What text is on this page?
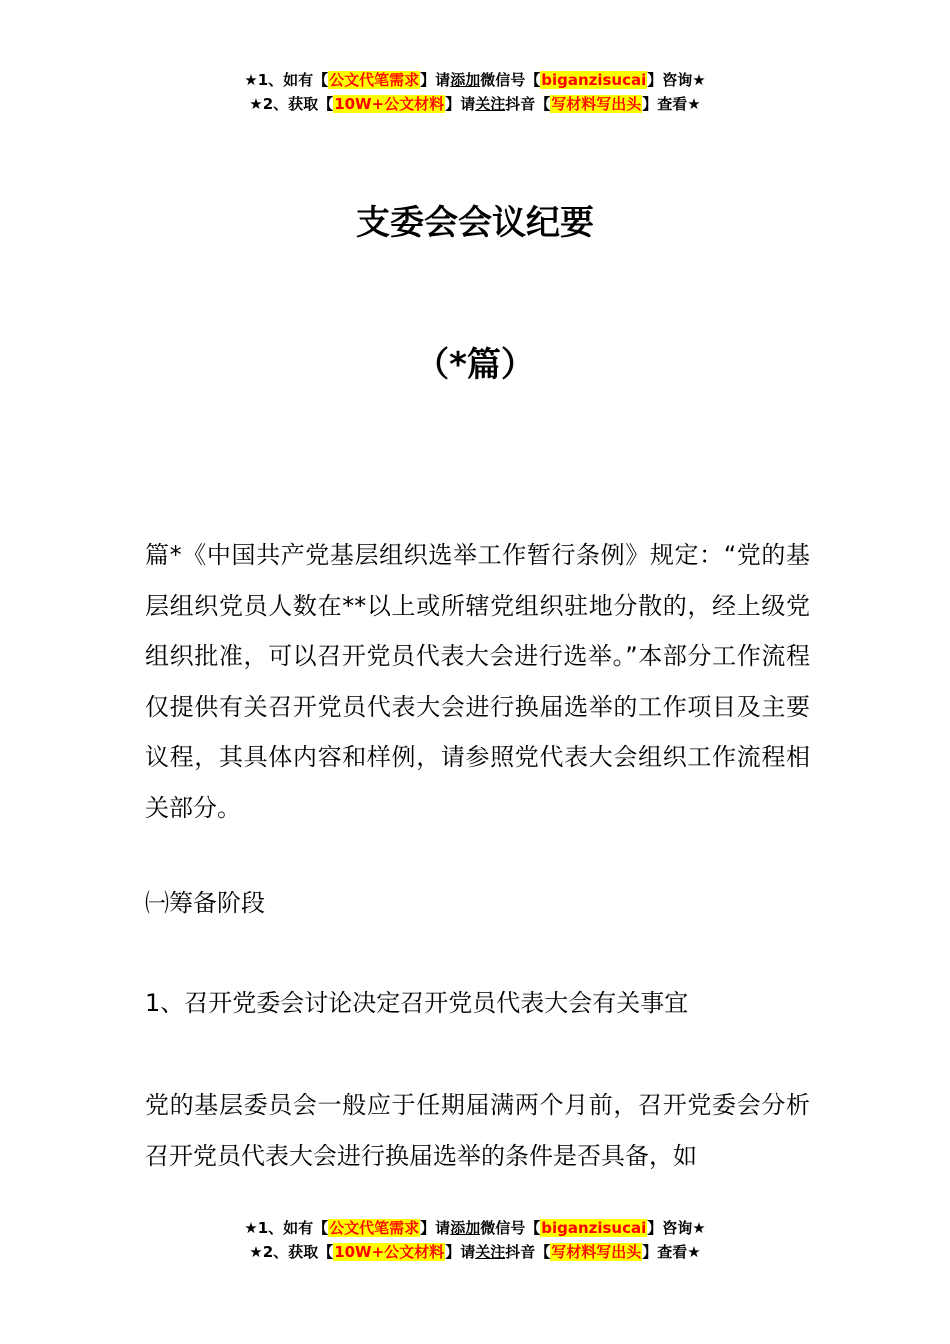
★1、如有【公文代笔需求】请添加微信号【biganzisucai】咨询★
★2、获取【10W+公文材料】请关注抖音【写材料写出头】查看★
支委会会议纪要
（*篇）

篇*《中国共产党基层组织选举工作暂行条例》规定：“党的基层组织党员人数在**以上或所辖党组织驻地分散的，经上级党组织批准，可以召开党员代表大会进行选举。”本部分工作流程仅提供有关召开党员代表大会进行换届选举的工作项目及主要议程，其具体内容和样例，请参照党代表大会组织工作流程相关部分。

㈠筹备阶段

1、召开党委会讨论决定召开党员代表大会有关事宜

党的基层委员会一般应于任期届满两个月前，召开党委会分析召开党员代表大会进行换届选举的条件是否具备，如

★1、如有【公文代笔需求】请添加微信号【biganzisucai】咨询★
★2、获取【10W+公文材料】请关注抖音【写材料写出头】查看★
